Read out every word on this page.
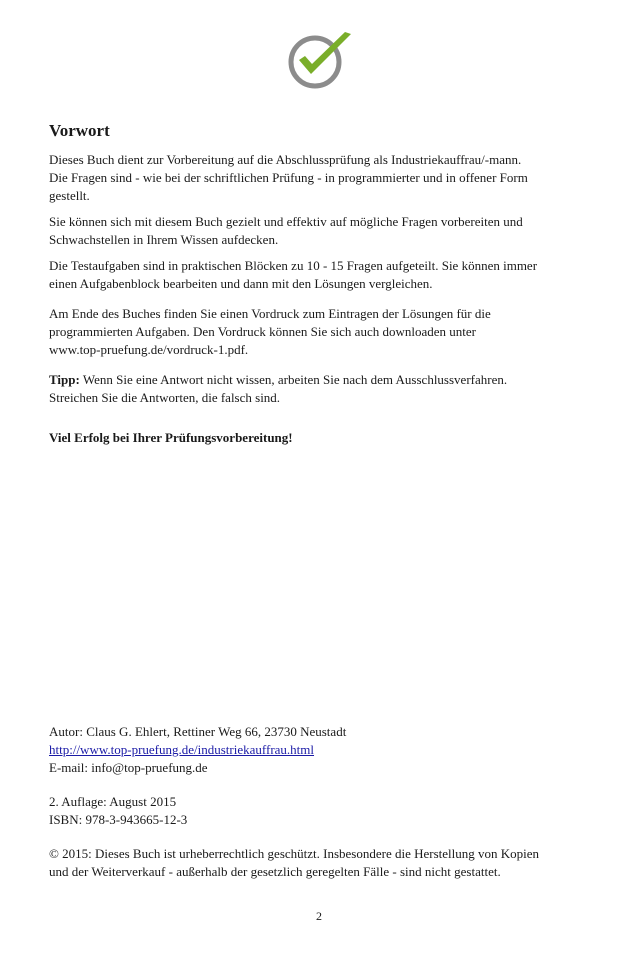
Vorwort

Dieses Buch dient zur Vorbereitung auf die Abschlussprüfung als Industriekauffrau/-mann.
Die Fragen sind - wie bei der schriftlichen Prüfung - in programmierter und in offener Form
gestellt.

Sie können sich mit diesem Buch gezielt und effektiv auf mögliche Fragen vorbereiten und
Schwachstellen in Ihrem Wissen aufdecken.

Die Testaufgaben sind in praktischen Blöcken zu 10 - 15 Fragen aufgeteilt. Sie können immer
einen Aufgabenblock bearbeiten und dann mit den Lösungen vergleichen.

Am Ende des Buches finden Sie einen Vordruck zum Eintragen der Lösungen für die
programmierten Aufgaben. Den Vordruck können Sie sich auch downloaden unter
www.top-pruefung.de/vordruck-1.pdf.

Tipp: Wenn Sie eine Antwort nicht wissen, arbeiten Sie nach dem Ausschlussverfahren.
Streichen Sie die Antworten, die falsch sind.

Viel Erfolg bei Ihrer Prüfungsvorbereitung!

Autor: Claus G. Ehlert, Rettiner Weg 66, 23730 Neustadt

http://www.top-pruefung.de/industriekauffrau.html

E-mail: info@top-pruefung.de

2. Auflage: August 2015

ISBN: 978-3-943665-12-3

© 2015: Dieses Buch ist urheberrechtlich geschützt. Insbesondere die Herstellung von Kopien

und der Weiterverkauf - außerhalb der gesetzlich geregelten Fälle - sind nicht gestattet.

2
